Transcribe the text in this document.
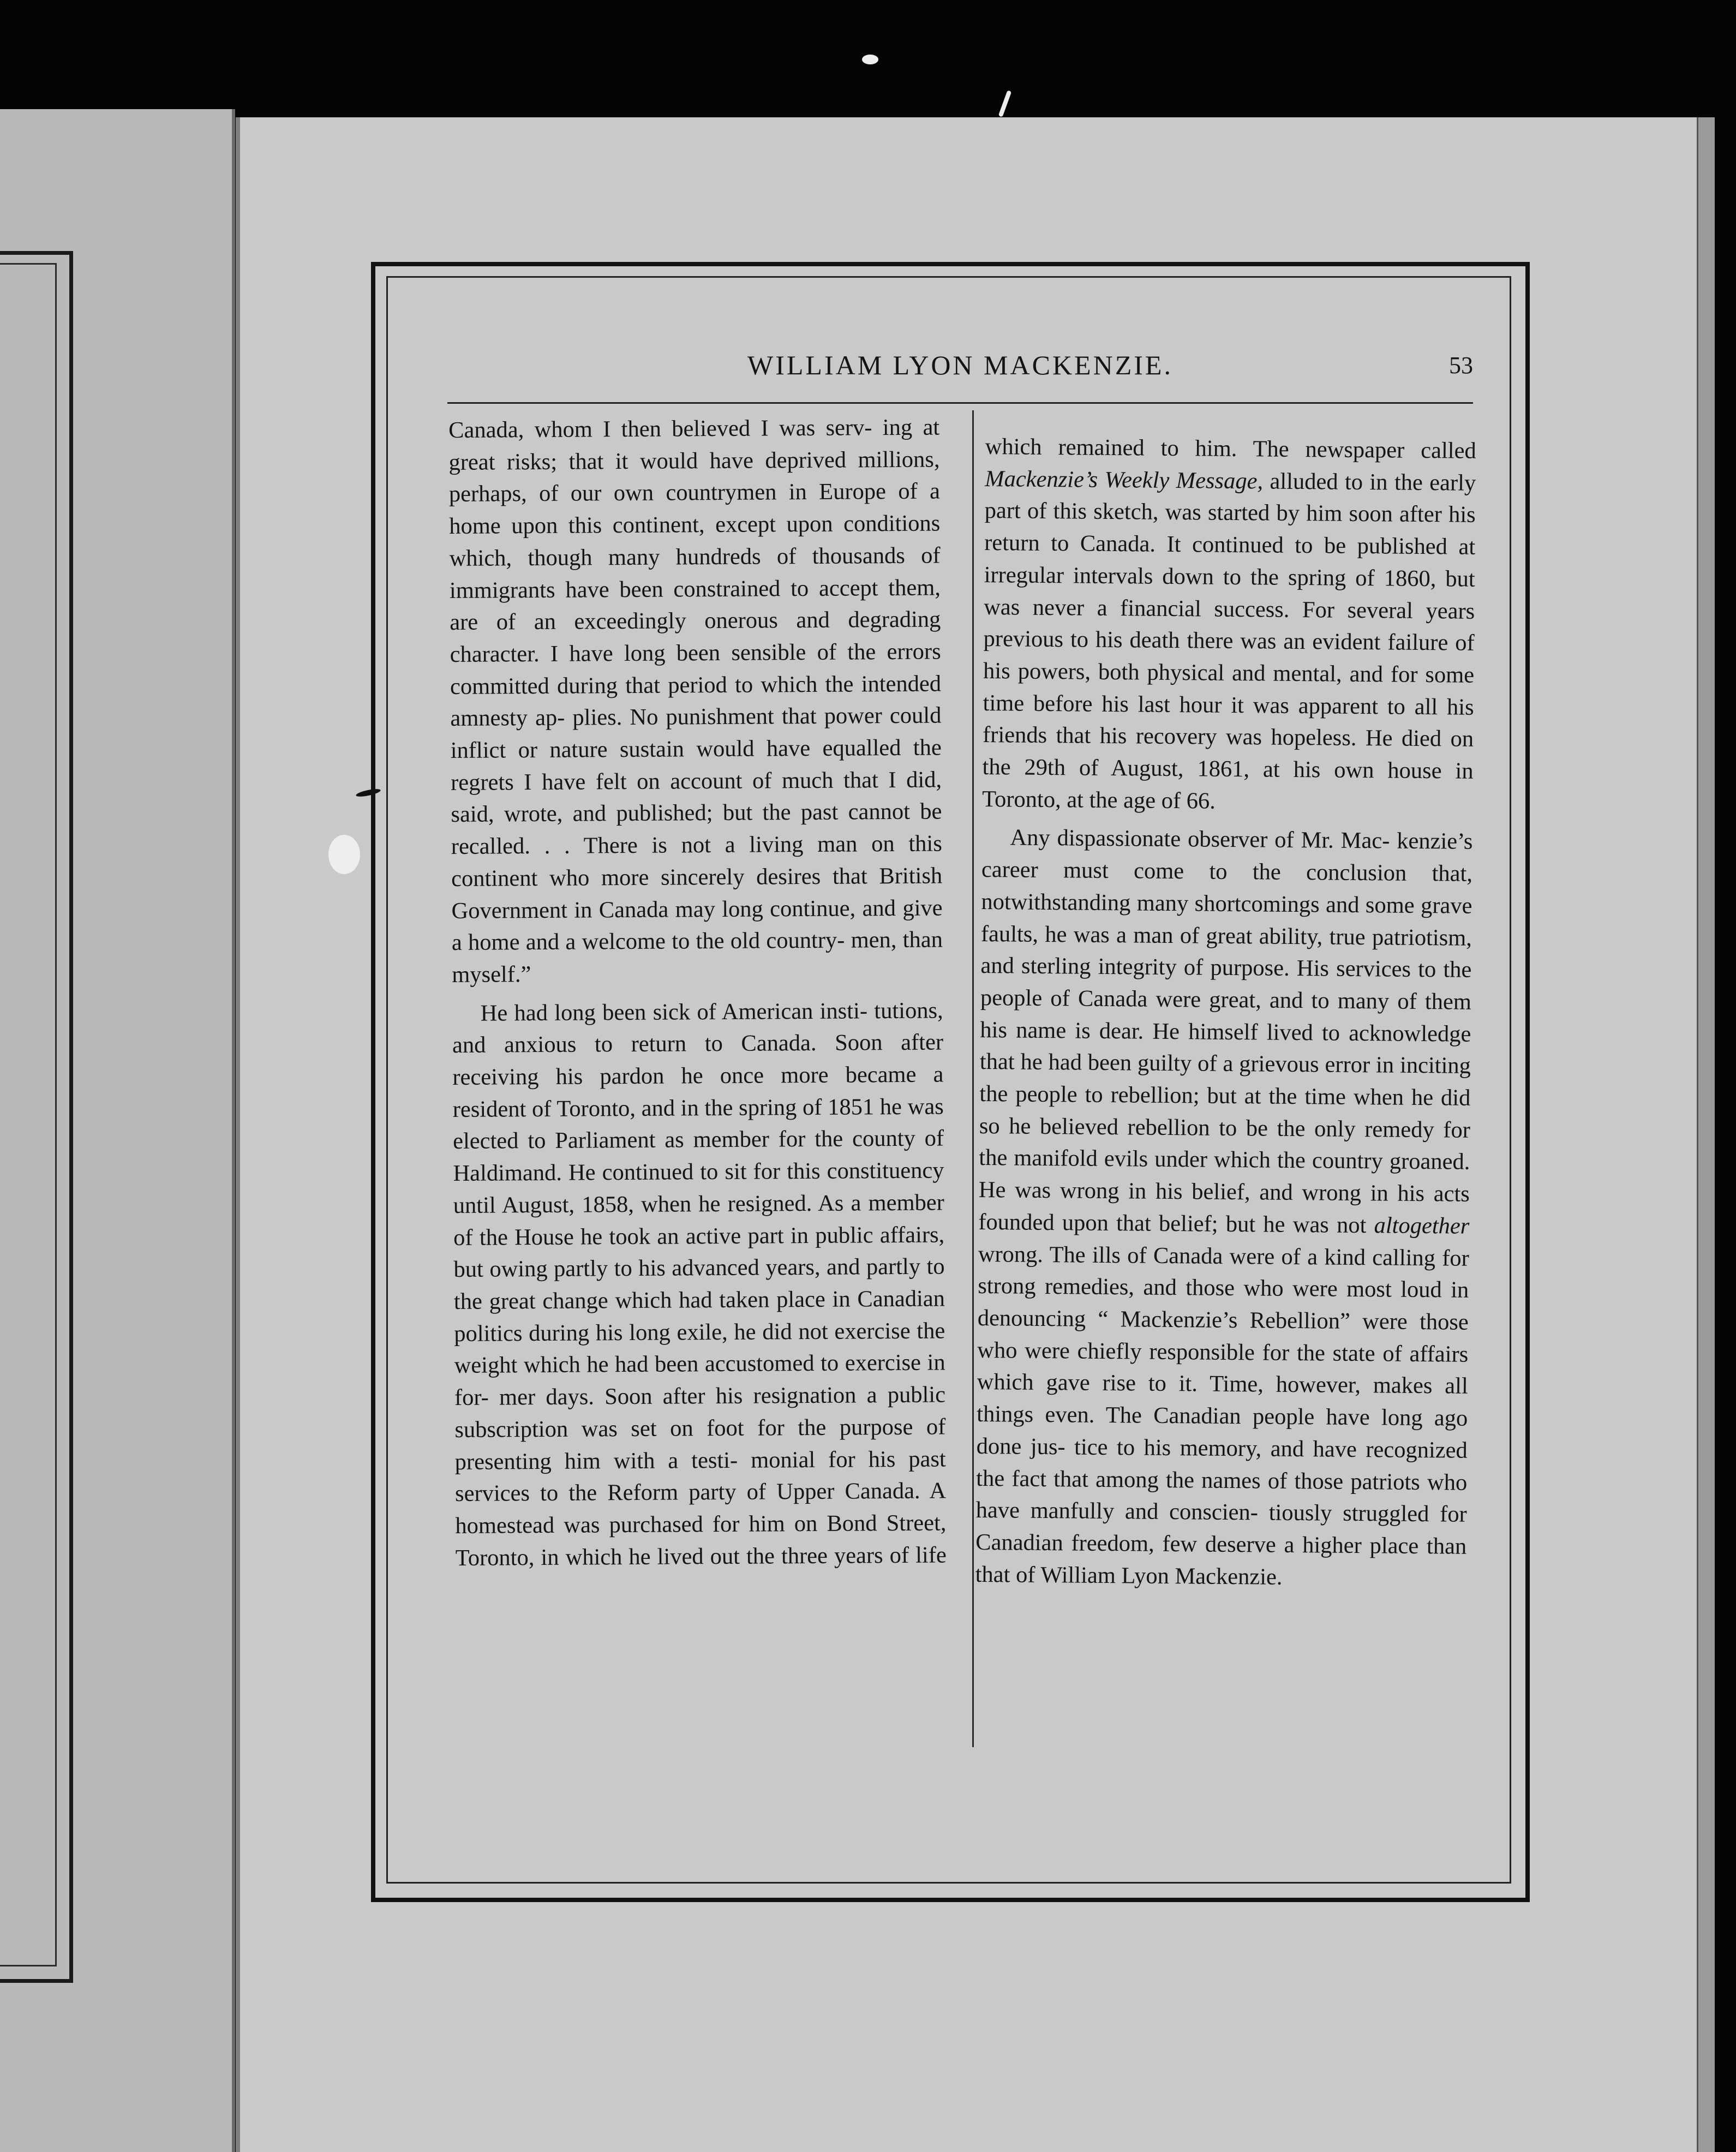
WILLIAM LYON MACKENZIE.	53

Canada, whom I then believed I was serv- ing at great risks; that it would have deprived millions, perhaps, of our own countrymen in Europe of a home upon this continent, except upon conditions which, though many hundreds of thousands of immigrants have been constrained to accept them, are of an exceedingly onerous and degrading character. I have long been sensible of the errors committed during that period to which the intended amnesty ap- plies. No punishment that power could inflict or nature sustain would have equalled the regrets I have felt on account of much that I did, said, wrote, and published; but the past cannot be recalled. . . There is not a living man on this continent who more sincerely desires that British Government in Canada may long continue, and give a home and a welcome to the old country- men, than myself.”

He had long been sick of American insti- tutions, and anxious to return to Canada. Soon after receiving his pardon he once more became a resident of Toronto, and in the spring of 1851 he was elected to Parliament as member for the county of Haldimand. He continued to sit for this constituency until August, 1858, when he resigned. As a member of the House he took an active part in public affairs, but owing partly to his advanced years, and partly to the great change which had taken place in Canadian politics during his long exile, he did not exercise the weight which he had been accustomed to exercise in for- mer days. Soon after his resignation a public subscription was set on foot for the purpose of presenting him with a testi- monial for his past services to the Reform party of Upper Canada. A homestead was purchased for him on Bond Street, Toronto, in which he lived out the three years of life

which remained to him. The newspaper called Mackenzie’s Weekly Message, alluded to in the early part of this sketch, was started by him soon after his return to Canada. It continued to be published at irregular intervals down to the spring of 1860, but was never a financial success. For several years previous to his death there was an evident failure of his powers, both physical and mental, and for some time before his last hour it was apparent to all his friends that his recovery was hopeless. He died on the 29th of August, 1861, at his own house in Toronto, at the age of 66.

Any dispassionate observer of Mr. Mac- kenzie’s career must come to the conclusion that, notwithstanding many shortcomings and some grave faults, he was a man of great ability, true patriotism, and sterling integrity of purpose. His services to the people of Canada were great, and to many of them his name is dear. He himself lived to acknowledge that he had been guilty of a grievous error in inciting the people to rebellion; but at the time when he did so he believed rebellion to be the only remedy for the manifold evils under which the country groaned. He was wrong in his belief, and wrong in his acts founded upon that belief; but he was not altogether wrong. The ills of Canada were of a kind calling for strong remedies, and those who were most loud in denouncing “ Mackenzie’s Rebellion” were those who were chiefly responsible for the state of affairs which gave rise to it. Time, however, makes all things even. The Canadian people have long ago done jus- tice to his memory, and have recognized the fact that among the names of those patriots who have manfully and conscien- tiously struggled for Canadian freedom, few deserve a higher place than that of William Lyon Mackenzie.
